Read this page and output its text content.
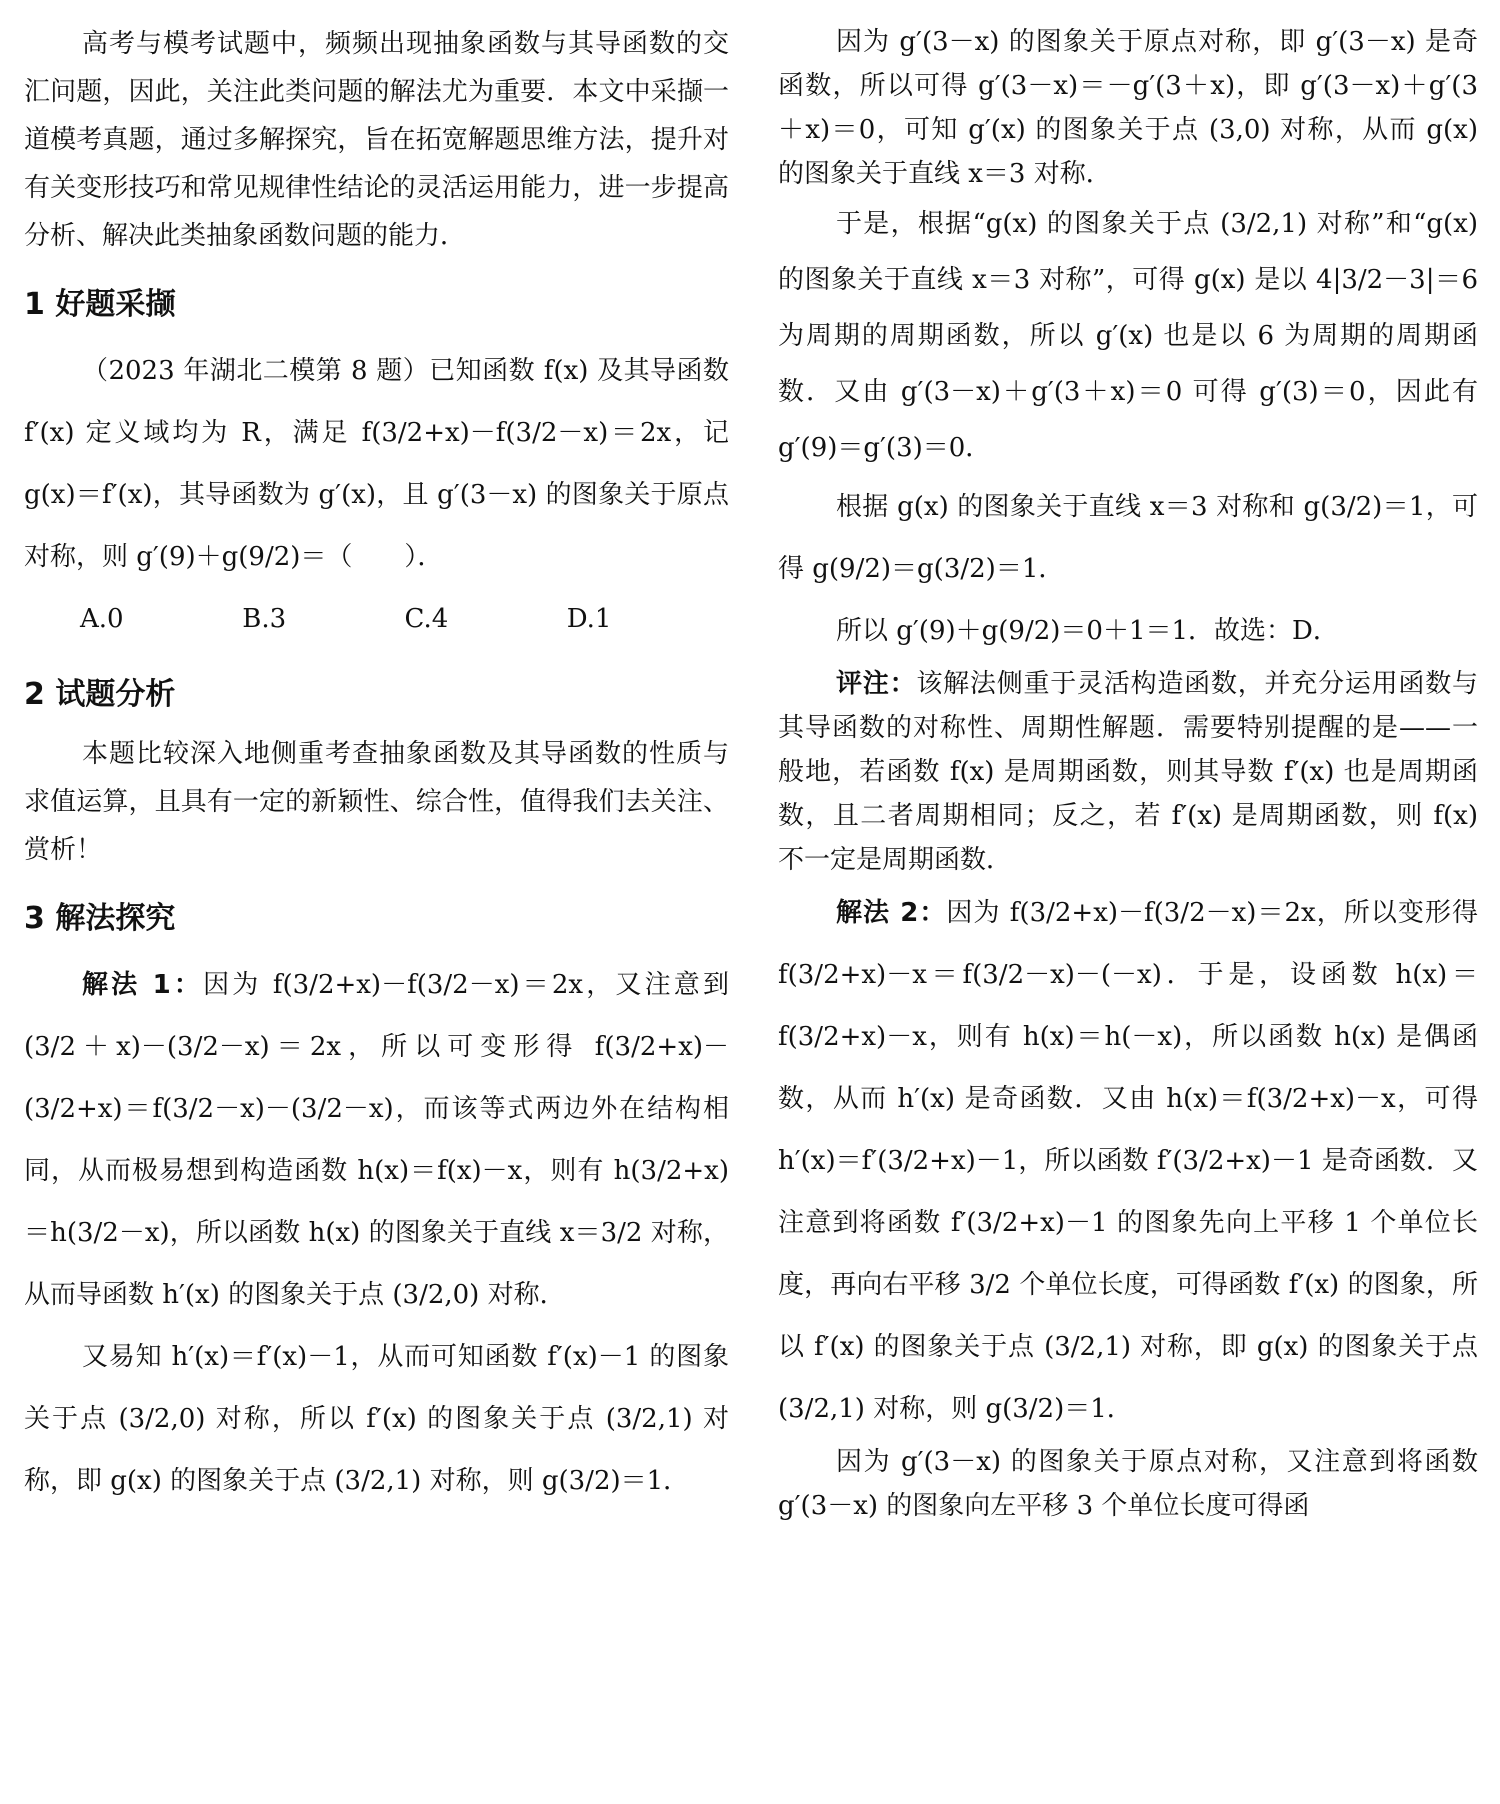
高考与模考试题中，频频出现抽象函数与其导函数的交汇问题，因此，关注此类问题的解法尤为重要．本文中采撷一道模考真题，通过多解探究，旨在拓宽解题思维方法，提升对有关变形技巧和常见规律性结论的灵活运用能力，进一步提高分析、解决此类抽象函数问题的能力．

1 好题采撷

（2023 年湖北二模第 8 题）已知函数 f(x) 及其导函数 f′(x) 定义域均为 R，满足 f(3/2+x)－f(3/2－x)＝2x，记 g(x)＝f′(x)，其导函数为 g′(x)，且 g′(3－x) 的图象关于原点对称，则 g′(9)＋g(9/2)＝（　　）．

A.0	B.3	C.4	D.1

2 试题分析

本题比较深入地侧重考查抽象函数及其导函数的性质与求值运算，且具有一定的新颖性、综合性，值得我们去关注、赏析！

3 解法探究

解法 1：因为 f(3/2+x)－f(3/2－x)＝2x，又注意到 (3/2＋x)－(3/2－x)＝2x，所以可变形得 f(3/2+x)－(3/2+x)＝f(3/2－x)－(3/2－x)，而该等式两边外在结构相同，从而极易想到构造函数 h(x)＝f(x)－x，则有 h(3/2+x)＝h(3/2－x)，所以函数 h(x) 的图象关于直线 x＝3/2 对称，从而导函数 h′(x) 的图象关于点 (3/2,0) 对称．

又易知 h′(x)＝f′(x)－1，从而可知函数 f′(x)－1 的图象关于点 (3/2,0) 对称，所以 f′(x) 的图象关于点 (3/2,1) 对称，即 g(x) 的图象关于点 (3/2,1) 对称，则 g(3/2)＝1．

因为 g′(3－x) 的图象关于原点对称，即 g′(3－x) 是奇函数，所以可得 g′(3－x)＝－g′(3＋x)，即 g′(3－x)＋g′(3＋x)＝0，可知 g′(x) 的图象关于点 (3,0) 对称，从而 g(x) 的图象关于直线 x＝3 对称．

于是，根据“g(x) 的图象关于点 (3/2,1) 对称”和“g(x) 的图象关于直线 x＝3 对称”，可得 g(x) 是以 4|3/2－3|＝6 为周期的周期函数，所以 g′(x) 也是以 6 为周期的周期函数．又由 g′(3－x)＋g′(3＋x)＝0 可得 g′(3)＝0，因此有 g′(9)＝g′(3)＝0．

根据 g(x) 的图象关于直线 x＝3 对称和 g(3/2)＝1，可得 g(9/2)＝g(3/2)＝1．

所以 g′(9)＋g(9/2)＝0＋1＝1．故选：D．

评注：该解法侧重于灵活构造函数，并充分运用函数与其导函数的对称性、周期性解题．需要特别提醒的是——一般地，若函数 f(x) 是周期函数，则其导数 f′(x) 也是周期函数，且二者周期相同；反之，若 f′(x) 是周期函数，则 f(x) 不一定是周期函数．

解法 2：因为 f(3/2+x)－f(3/2－x)＝2x，所以变形得 f(3/2+x)－x＝f(3/2－x)－(－x)．于是，设函数 h(x)＝f(3/2+x)－x，则有 h(x)＝h(－x)，所以函数 h(x) 是偶函数，从而 h′(x) 是奇函数．又由 h(x)＝f(3/2+x)－x，可得 h′(x)＝f′(3/2+x)－1，所以函数 f′(3/2+x)－1 是奇函数．又注意到将函数 f′(3/2+x)－1 的图象先向上平移 1 个单位长度，再向右平移 3/2 个单位长度，可得函数 f′(x) 的图象，所以 f′(x) 的图象关于点 (3/2,1) 对称，即 g(x) 的图象关于点 (3/2,1) 对称，则 g(3/2)＝1．

因为 g′(3－x) 的图象关于原点对称，又注意到将函数 g′(3－x) 的图象向左平移 3 个单位长度可得函
